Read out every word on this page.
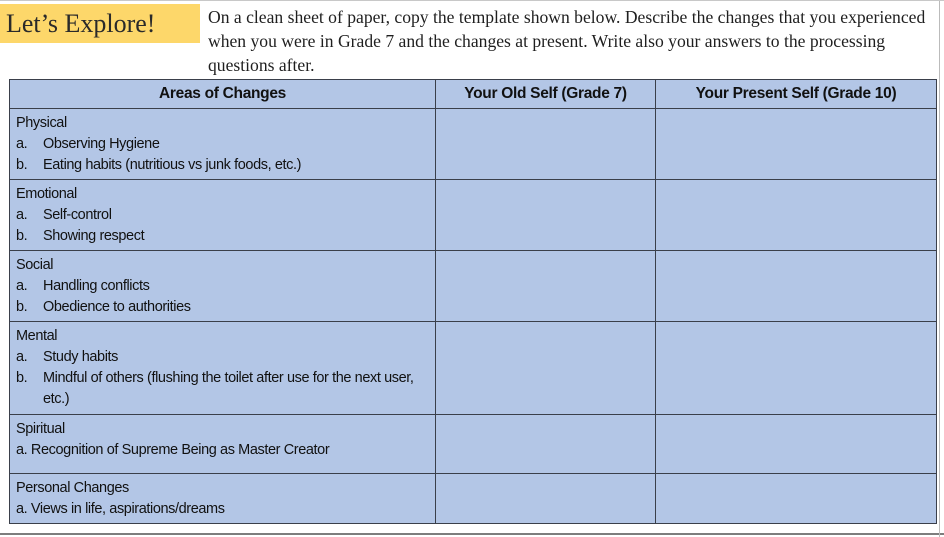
Let’s Explore!	On a clean sheet of paper, copy the template shown below. Describe the changes that you experienced when you were in Grade 7 and the changes at present. Write also your answers to the processing questions after.
Areas of Changes	Your Old Self (Grade 7)	Your Present Self (Grade 10)

Physical
a. Observing Hygiene
b. Eating habits (nutritious vs junk foods, etc.)		

Emotional
a. Self-control
b. Showing respect		

Social
a. Handling conflicts
b. Obedience to authorities		

Mental
a. Study habits
b. Mindful of others (flushing the toilet after use for the next user, etc.)		

Spiritual
a. Recognition of Supreme Being as Master Creator		

Personal Changes
a. Views in life, aspirations/dreams		
